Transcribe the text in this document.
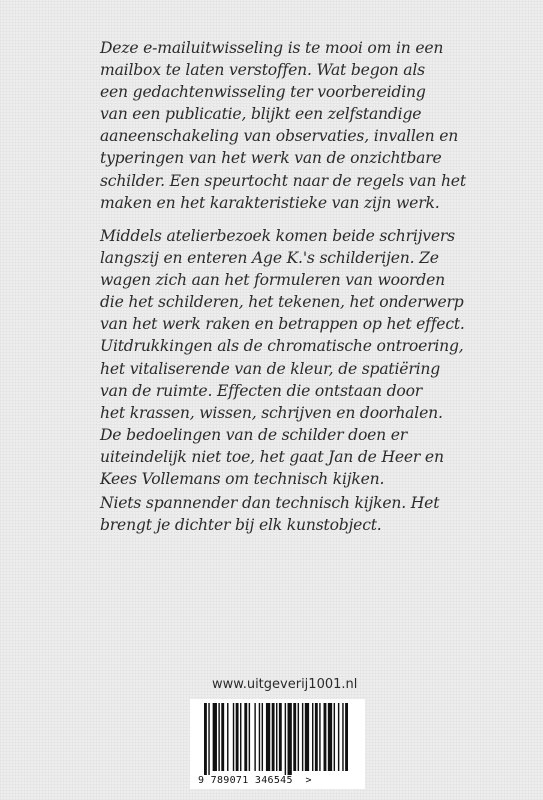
Deze e-mailuitwisseling is te mooi om in een
mailbox te laten verstoffen. Wat begon als
een gedachtenwisseling ter voorbereiding
van een publicatie, blijkt een zelfstandige
aaneenschakeling van observaties, invallen en
typeringen van het werk van de onzichtbare
schilder. Een speurtocht naar de regels van het
maken en het karakteristieke van zijn werk.

Middels atelierbezoek komen beide schrijvers
langszij en enteren Age K.'s schilderijen. Ze
wagen zich aan het formuleren van woorden
die het schilderen, het tekenen, het onderwerp
van het werk raken en betrappen op het effect.
Uitdrukkingen als de chromatische ontroering,
het vitaliserende van de kleur, de spatiëring
van de ruimte. Effecten die ontstaan door
het krassen, wissen, schrijven en doorhalen.
De bedoelingen van de schilder doen er
uiteindelijk niet toe, het gaat Jan de Heer en
Kees Vollemans om technisch kijken.

Niets spannender dan technisch kijken. Het
brengt je dichter bij elk kunstobject.

www.uitgeverij1001.nl
9 789071 346545  >
